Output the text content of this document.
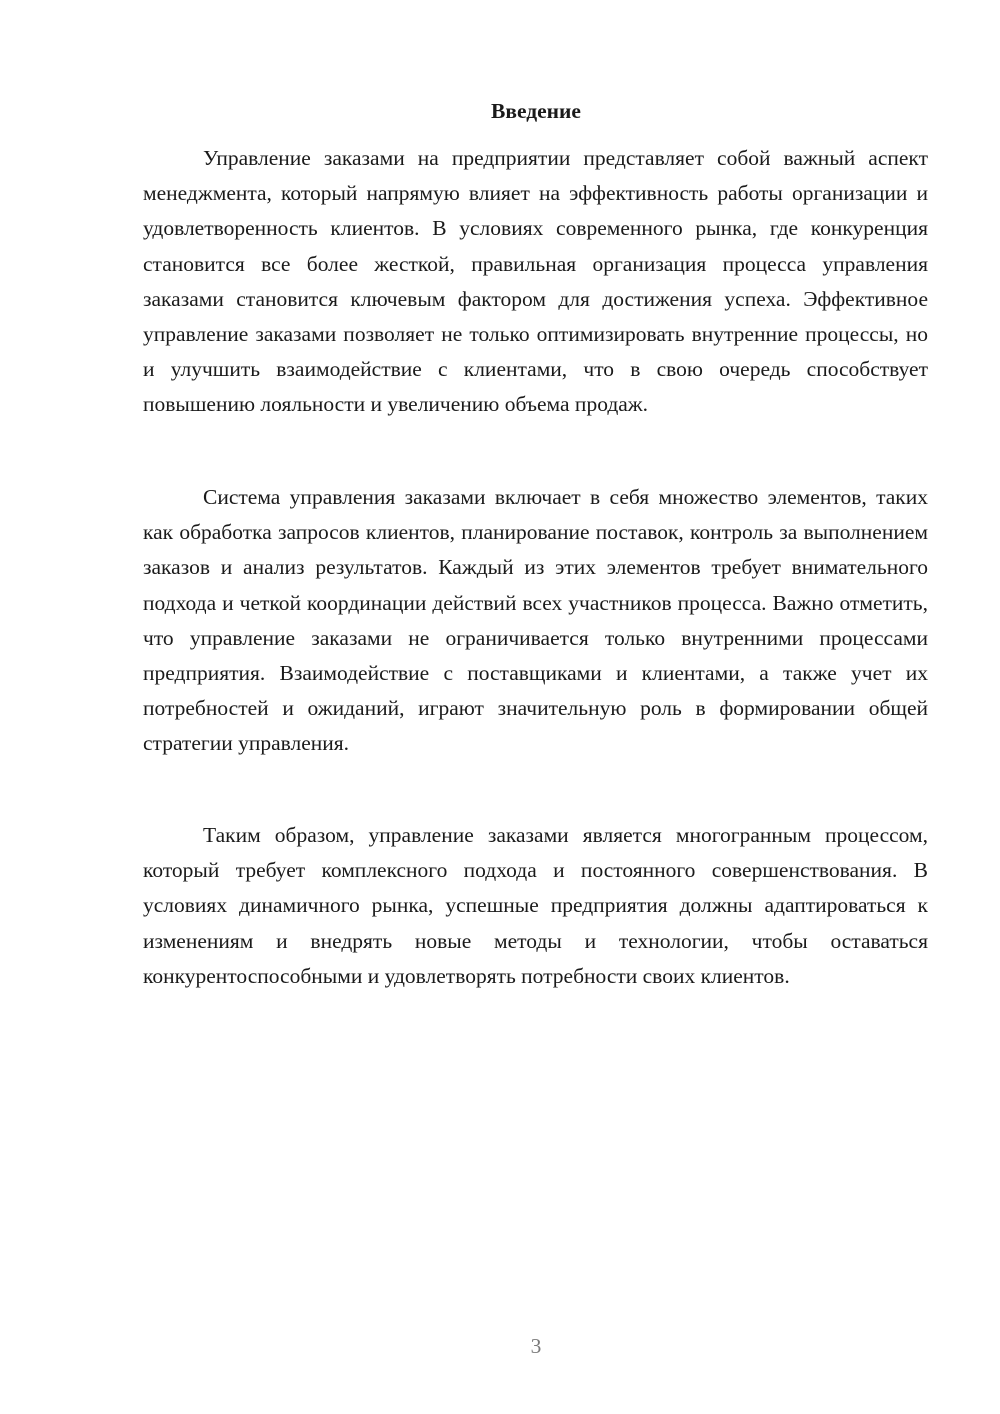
Введение

Управление заказами на предприятии представляет собой важный аспект менеджмента, который напрямую влияет на эффективность работы организации и удовлетворенность клиентов. В условиях современного рынка, где конкуренция становится все более жесткой, правильная организация процесса управления заказами становится ключевым фактором для достижения успеха. Эффективное управление заказами позволяет не только оптимизировать внутренние процессы, но и улучшить взаимодействие с клиентами, что в свою очередь способствует повышению лояльности и увеличению объема продаж.

Система управления заказами включает в себя множество элементов, таких как обработка запросов клиентов, планирование поставок, контроль за выполнением заказов и анализ результатов. Каждый из этих элементов требует внимательного подхода и четкой координации действий всех участников процесса. Важно отметить, что управление заказами не ограничивается только внутренними процессами предприятия. Взаимодействие с поставщиками и клиентами, а также учет их потребностей и ожиданий, играют значительную роль в формировании общей стратегии управления.

Таким образом, управление заказами является многогранным процессом, который требует комплексного подхода и постоянного совершенствования. В условиях динамичного рынка, успешные предприятия должны адаптироваться к изменениям и внедрять новые методы и технологии, чтобы оставаться конкурентоспособными и удовлетворять потребности своих клиентов.

3
